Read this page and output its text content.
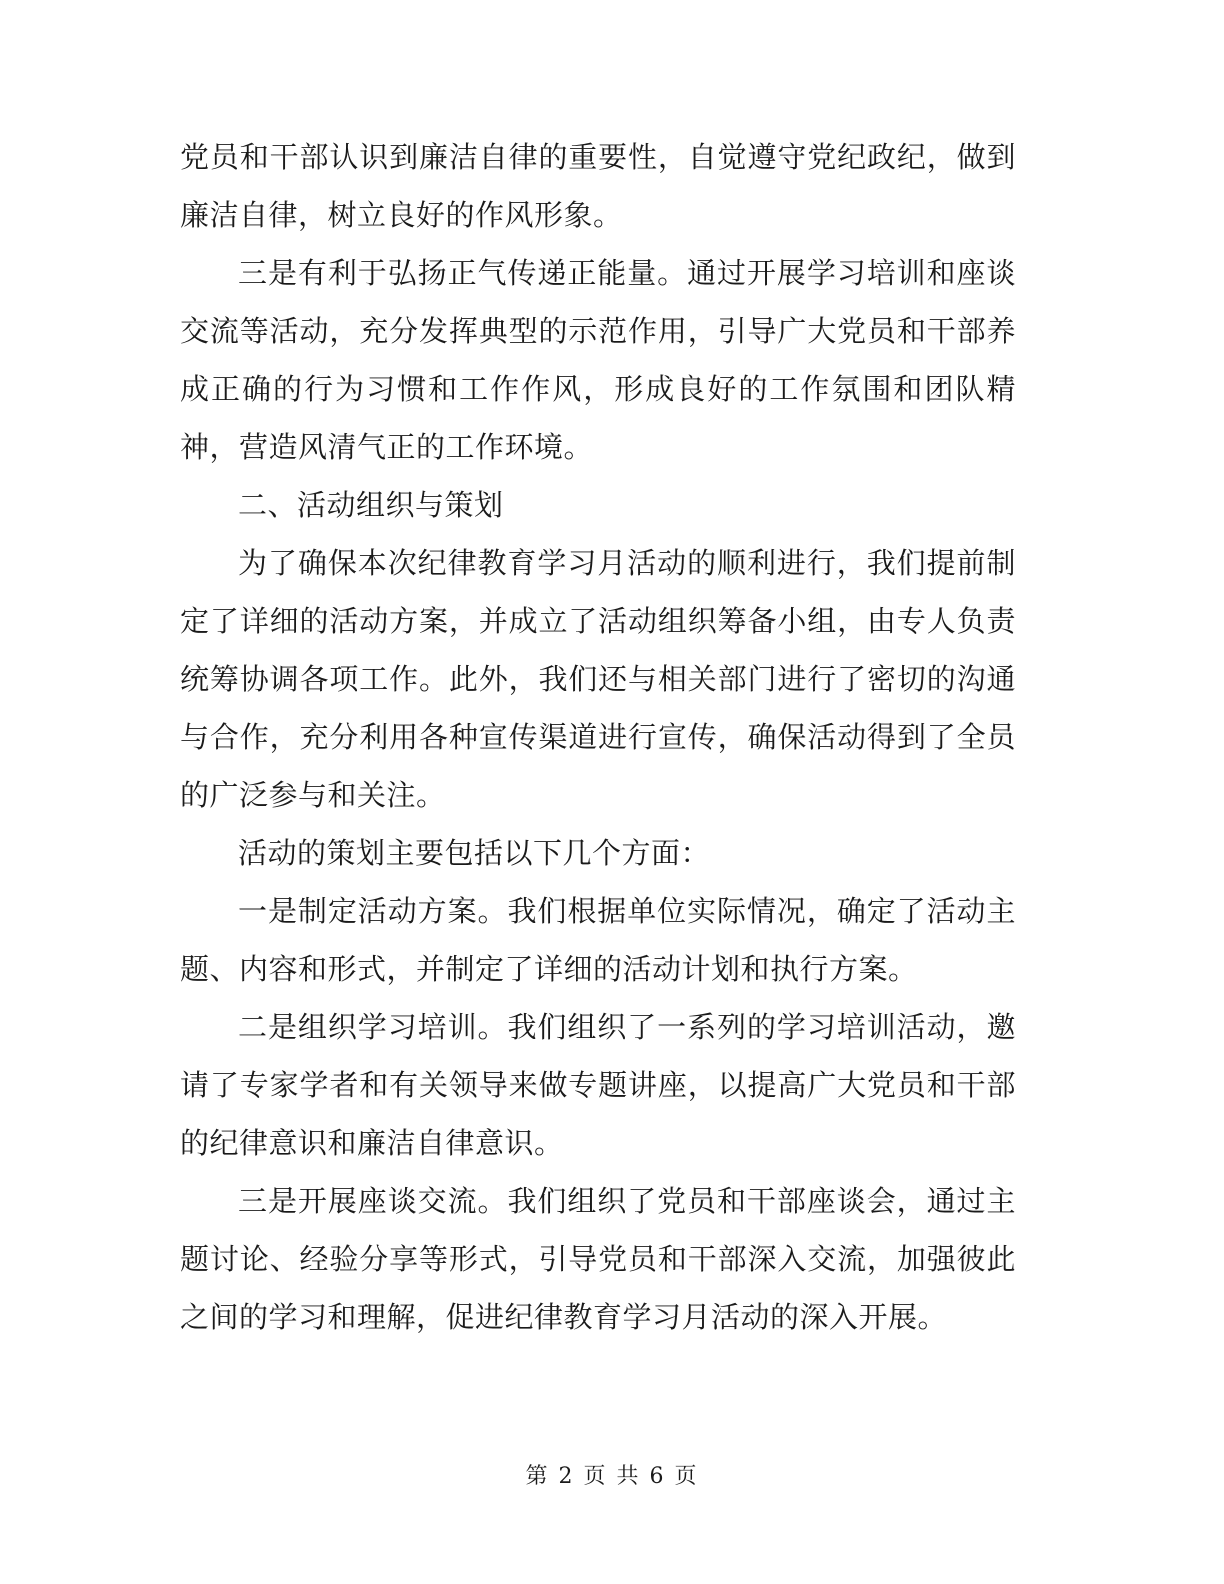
党员和干部认识到廉洁自律的重要性，自觉遵守党纪政纪，做到廉洁自律，树立良好的作风形象。

三是有利于弘扬正气传递正能量。通过开展学习培训和座谈交流等活动，充分发挥典型的示范作用，引导广大党员和干部养成正确的行为习惯和工作作风，形成良好的工作氛围和团队精神，营造风清气正的工作环境。

二、活动组织与策划

为了确保本次纪律教育学习月活动的顺利进行，我们提前制定了详细的活动方案，并成立了活动组织筹备小组，由专人负责统筹协调各项工作。此外，我们还与相关部门进行了密切的沟通与合作，充分利用各种宣传渠道进行宣传，确保活动得到了全员的广泛参与和关注。

活动的策划主要包括以下几个方面：

一是制定活动方案。我们根据单位实际情况，确定了活动主题、内容和形式，并制定了详细的活动计划和执行方案。

二是组织学习培训。我们组织了一系列的学习培训活动，邀请了专家学者和有关领导来做专题讲座，以提高广大党员和干部的纪律意识和廉洁自律意识。

三是开展座谈交流。我们组织了党员和干部座谈会，通过主题讨论、经验分享等形式，引导党员和干部深入交流，加强彼此之间的学习和理解，促进纪律教育学习月活动的深入开展。

第 2 页 共 6 页
